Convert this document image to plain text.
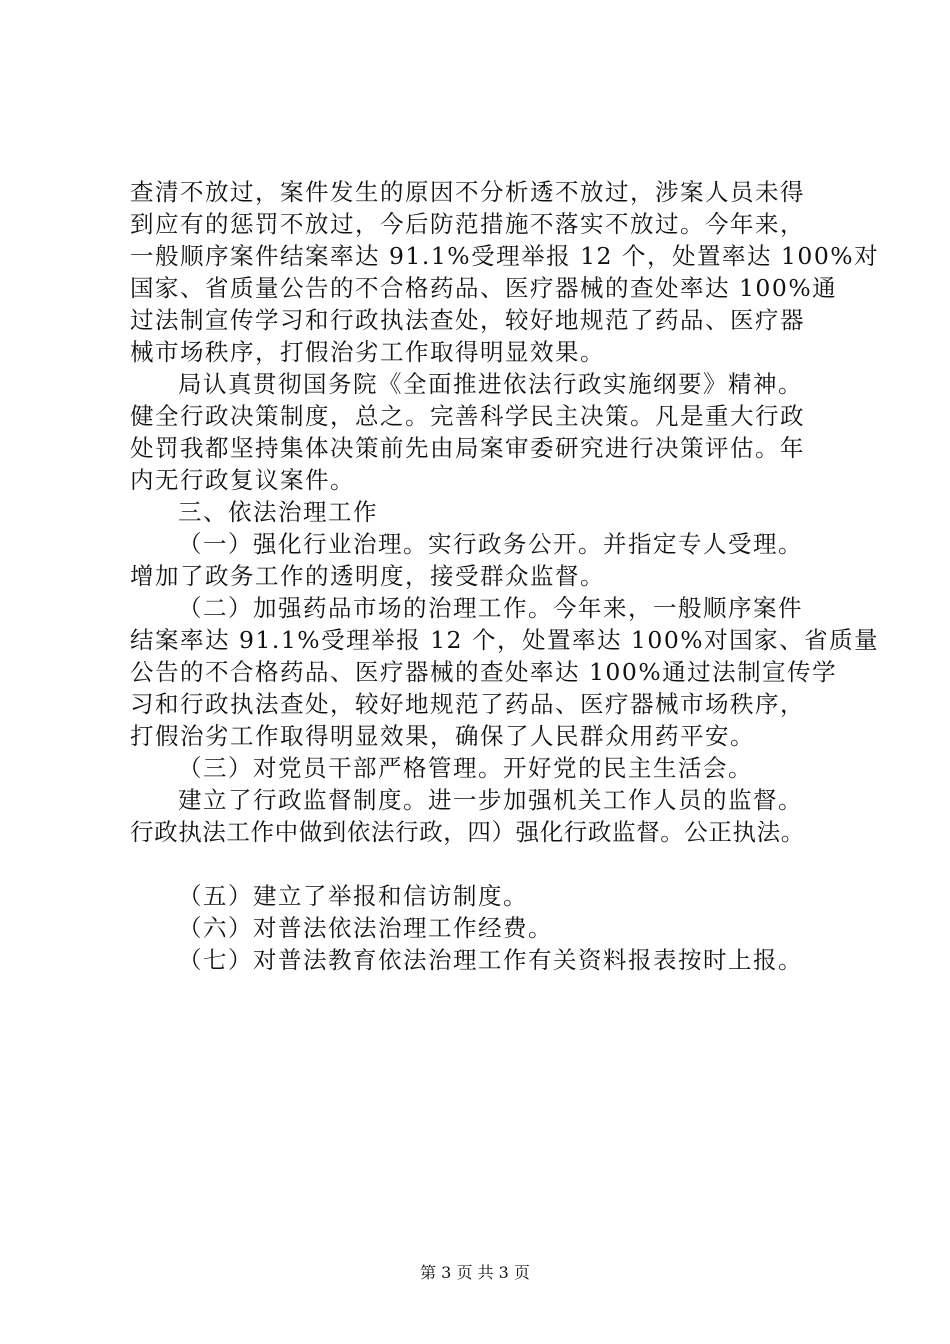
查清不放过，案件发生的原因不分析透不放过，涉案人员未得
到应有的惩罚不放过，今后防范措施不落实不放过。今年来，
一般顺序案件结案率达 91.1%受理举报 12 个，处置率达 100%对
国家、省质量公告的不合格药品、医疗器械的查处率达 100%通
过法制宣传学习和行政执法查处，较好地规范了药品、医疗器
械市场秩序，打假治劣工作取得明显效果。
局认真贯彻国务院《全面推进依法行政实施纲要》精神。
健全行政决策制度，总之。完善科学民主决策。凡是重大行政
处罚我都坚持集体决策前先由局案审委研究进行决策评估。年
内无行政复议案件。
三、依法治理工作
（一）强化行业治理。实行政务公开。并指定专人受理。
增加了政务工作的透明度，接受群众监督。
（二）加强药品市场的治理工作。今年来，一般顺序案件
结案率达 91.1%受理举报 12 个，处置率达 100%对国家、省质量
公告的不合格药品、医疗器械的查处率达 100%通过法制宣传学
习和行政执法查处，较好地规范了药品、医疗器械市场秩序，
打假治劣工作取得明显效果，确保了人民群众用药平安。
（三）对党员干部严格管理。开好党的民主生活会。
建立了行政监督制度。进一步加强机关工作人员的监督。
行政执法工作中做到依法行政，四）强化行政监督。公正执法。
（五）建立了举报和信访制度。
（六）对普法依法治理工作经费。
（七）对普法教育依法治理工作有关资料报表按时上报。
第 3 页 共 3 页
